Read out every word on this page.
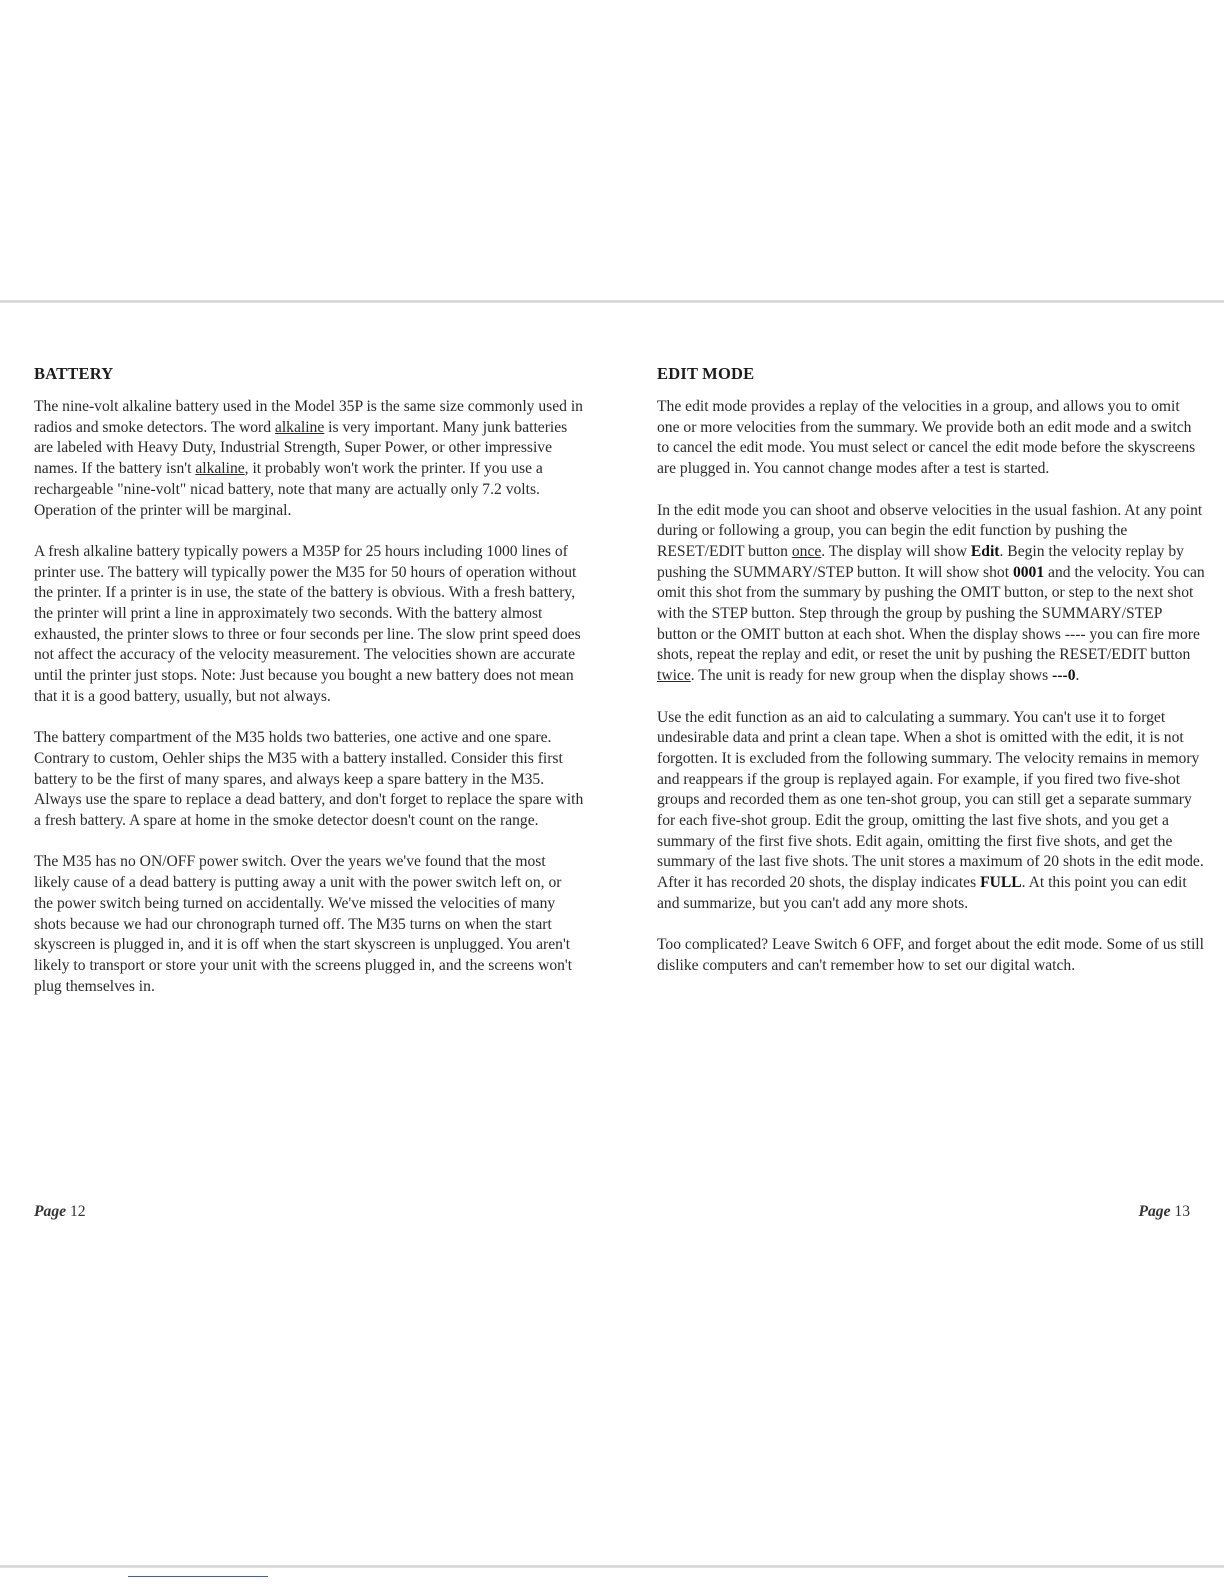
BATTERY

The nine-volt alkaline battery used in the Model 35P is the same size commonly used in radios and smoke detectors. The word alkaline is very important. Many junk batteries are labeled with Heavy Duty, Industrial Strength, Super Power, or other impressive names. If the battery isn't alkaline, it probably won't work the printer. If you use a rechargeable "nine-volt" nicad battery, note that many are actually only 7.2 volts. Operation of the printer will be marginal.

A fresh alkaline battery typically powers a M35P for 25 hours including 1000 lines of printer use. The battery will typically power the M35 for 50 hours of operation without the printer. If a printer is in use, the state of the battery is obvious. With a fresh battery, the printer will print a line in approximately two seconds. With the battery almost exhausted, the printer slows to three or four seconds per line. The slow print speed does not affect the accuracy of the velocity measurement. The velocities shown are accurate until the printer just stops. Note: Just because you bought a new battery does not mean that it is a good battery, usually, but not always.

The battery compartment of the M35 holds two batteries, one active and one spare. Contrary to custom, Oehler ships the M35 with a battery installed. Consider this first battery to be the first of many spares, and always keep a spare battery in the M35. Always use the spare to replace a dead battery, and don't forget to replace the spare with a fresh battery. A spare at home in the smoke detector doesn't count on the range.

The M35 has no ON/OFF power switch. Over the years we've found that the most likely cause of a dead battery is putting away a unit with the power switch left on, or the power switch being turned on accidentally. We've missed the velocities of many shots because we had our chronograph turned off. The M35 turns on when the start skyscreen is plugged in, and it is off when the start skyscreen is unplugged. You aren't likely to transport or store your unit with the screens plugged in, and the screens won't plug themselves in.

EDIT MODE

The edit mode provides a replay of the velocities in a group, and allows you to omit one or more velocities from the summary. We provide both an edit mode and a switch to cancel the edit mode. You must select or cancel the edit mode before the skyscreens are plugged in. You cannot change modes after a test is started.

In the edit mode you can shoot and observe velocities in the usual fashion. At any point during or following a group, you can begin the edit function by pushing the RESET/EDIT button once. The display will show Edit. Begin the velocity replay by pushing the SUMMARY/STEP button. It will show shot 0001 and the velocity. You can omit this shot from the summary by pushing the OMIT button, or step to the next shot with the STEP button. Step through the group by pushing the SUMMARY/STEP button or the OMIT button at each shot. When the display shows ---- you can fire more shots, repeat the replay and edit, or reset the unit by pushing the RESET/EDIT button twice. The unit is ready for new group when the display shows ---0.

Use the edit function as an aid to calculating a summary. You can't use it to forget undesirable data and print a clean tape. When a shot is omitted with the edit, it is not forgotten. It is excluded from the following summary. The velocity remains in memory and reappears if the group is replayed again. For example, if you fired two five-shot groups and recorded them as one ten-shot group, you can still get a separate summary for each five-shot group. Edit the group, omitting the last five shots, and you get a summary of the first five shots. Edit again, omitting the first five shots, and get the summary of the last five shots. The unit stores a maximum of 20 shots in the edit mode. After it has recorded 20 shots, the display indicates FULL. At this point you can edit and summarize, but you can't add any more shots.

Too complicated? Leave Switch 6 OFF, and forget about the edit mode. Some of us still dislike computers and can't remember how to set our digital watch.

Page 12	Page 13
